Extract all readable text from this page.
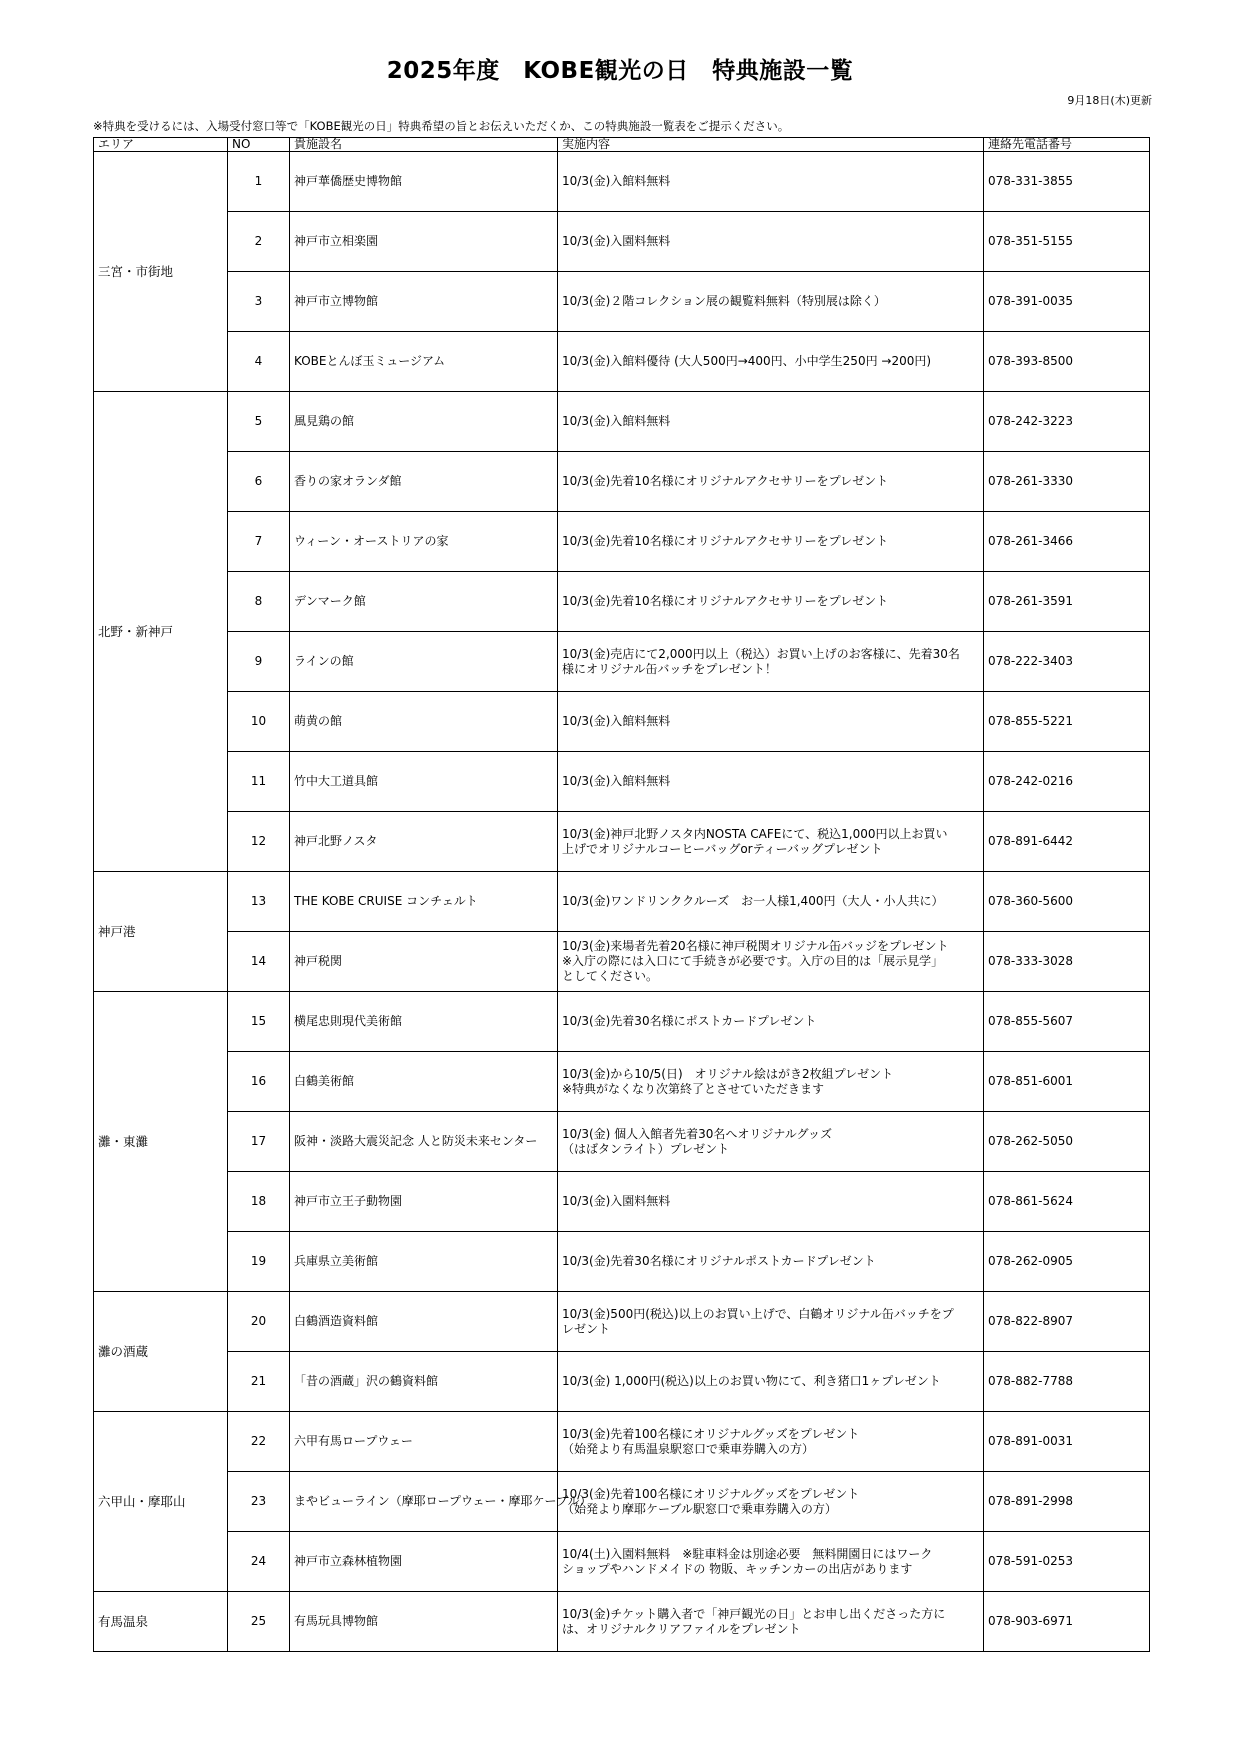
2025年度　KOBE観光の日　特典施設一覧
9月18日(木)更新
※特典を受けるには、入場受付窓口等で「KOBE観光の日」特典希望の旨とお伝えいただくか、この特典施設一覧表をご提示ください。
エリア	NO	貴施設名	実施内容	連絡先電話番号
三宮・市街地	1	神戸華僑歴史博物館	10/3(金)入館料無料	078-331-3855
	2	神戸市立相楽園	10/3(金)入園料無料	078-351-5155
	3	神戸市立博物館	10/3(金)２階コレクション展の観覧料無料（特別展は除く）	078-391-0035
	4	KOBEとんぼ玉ミュージアム	10/3(金)入館料優待 (大人500円→400円、小中学生250円 →200円)	078-393-8500
北野・新神戸	5	風見鶏の館	10/3(金)入館料無料	078-242-3223
	6	香りの家オランダ館	10/3(金)先着10名様にオリジナルアクセサリーをプレゼント	078-261-3330
	7	ウィーン・オーストリアの家	10/3(金)先着10名様にオリジナルアクセサリーをプレゼント	078-261-3466
	8	デンマーク館	10/3(金)先着10名様にオリジナルアクセサリーをプレゼント	078-261-3591
	9	ラインの館	10/3(金)売店にて2,000円以上（税込）お買い上げのお客様に、先着30名
様にオリジナル缶バッチをプレゼント！	078-222-3403
	10	萌黄の館	10/3(金)入館料無料	078-855-5221
	11	竹中大工道具館	10/3(金)入館料無料	078-242-0216
	12	神戸北野ノスタ	10/3(金)神戸北野ノスタ内NOSTA CAFEにて、税込1,000円以上お買い
上げでオリジナルコーヒーバッグorティーバッグプレゼント	078-891-6442
神戸港	13	THE KOBE CRUISE コンチェルト	10/3(金)ワンドリンククルーズ　お一人様1,400円（大人・小人共に）	078-360-5600
	14	神戸税関	10/3(金)来場者先着20名様に神戸税関オリジナル缶バッジをプレゼント
※入庁の際には入口にて手続きが必要です。入庁の目的は「展示見学」
としてください。	078-333-3028
灘・東灘	15	横尾忠則現代美術館	10/3(金)先着30名様にポストカードプレゼント	078-855-5607
	16	白鶴美術館	10/3(金)から10/5(日)　オリジナル絵はがき2枚組プレゼント
※特典がなくなり次第終了とさせていただきます	078-851-6001
	17	阪神・淡路大震災記念 人と防災未来センター	10/3(金) 個人入館者先着30名へオリジナルグッズ
（はばタンライト）プレゼント	078-262-5050
	18	神戸市立王子動物園	10/3(金)入園料無料	078-861-5624
	19	兵庫県立美術館	10/3(金)先着30名様にオリジナルポストカードプレゼント	078-262-0905
灘の酒蔵	20	白鶴酒造資料館	10/3(金)500円(税込)以上のお買い上げで、白鶴オリジナル缶バッチをプ
レゼント	078-822-8907
	21	「昔の酒蔵」沢の鶴資料館	10/3(金) 1,000円(税込)以上のお買い物にて、利き猪口1ヶプレゼント	078-882-7788
六甲山・摩耶山	22	六甲有馬ロープウェー	10/3(金)先着100名様にオリジナルグッズをプレゼント
（始発より有馬温泉駅窓口で乗車券購入の方）	078-891-0031
	23	まやビューライン（摩耶ロープウェー・摩耶ケーブル）	10/3(金)先着100名様にオリジナルグッズをプレゼント
（始発より摩耶ケーブル駅窓口で乗車券購入の方）	078-891-2998
	24	神戸市立森林植物園	10/4(土)入園料無料　※駐車料金は別途必要　無料開園日にはワーク
ショップやハンドメイドの 物販、キッチンカーの出店があります	078-591-0253
有馬温泉	25	有馬玩具博物館	10/3(金)チケット購入者で「神戸観光の日」とお申し出くださった方に
は、オリジナルクリアファイルをプレゼント	078-903-6971
